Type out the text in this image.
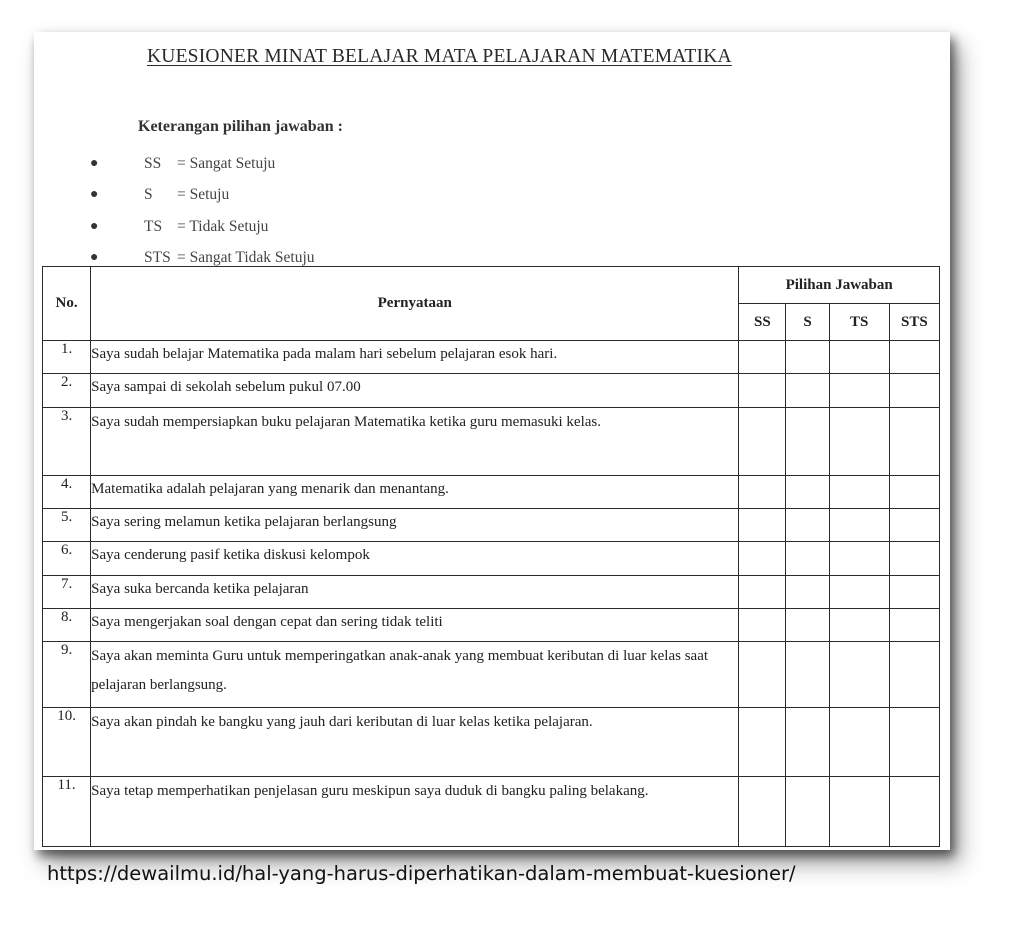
KUESIONER MINAT BELAJAR MATA PELAJARAN MATEMATIKA
Keterangan pilihan jawaban :
●	SS	= Sangat Setuju
●	S	= Setuju
●	TS = Tidak Setuju
●	STS = Sangat Tidak Setuju
No.	Pernyataan	Pilihan Jawaban			
		SS	S	TS	STS
1.	Saya sudah belajar Matematika pada malam hari sebelum pelajaran esok hari.				
2.	Saya sampai di sekolah sebelum pukul 07.00				
3.	Saya sudah mempersiapkan buku pelajaran Matematika ketika guru memasuki kelas.				
4.	Matematika adalah pelajaran yang menarik dan menantang.				
5.	Saya sering melamun ketika pelajaran berlangsung				
6.	Saya cenderung pasif ketika diskusi kelompok				
7.	Saya suka bercanda ketika pelajaran				
8.	Saya mengerjakan soal dengan cepat dan sering tidak teliti				
9.	Saya akan meminta Guru untuk memperingatkan anak-anak yang membuat keributan di luar kelas saat pelajaran berlangsung.				
10.	Saya akan pindah ke bangku yang jauh dari keributan di luar kelas ketika pelajaran.				
11.	Saya tetap memperhatikan penjelasan guru meskipun saya duduk di bangku paling belakang.				
https://dewailmu.id/hal-yang-harus-diperhatikan-dalam-membuat-kuesioner/
